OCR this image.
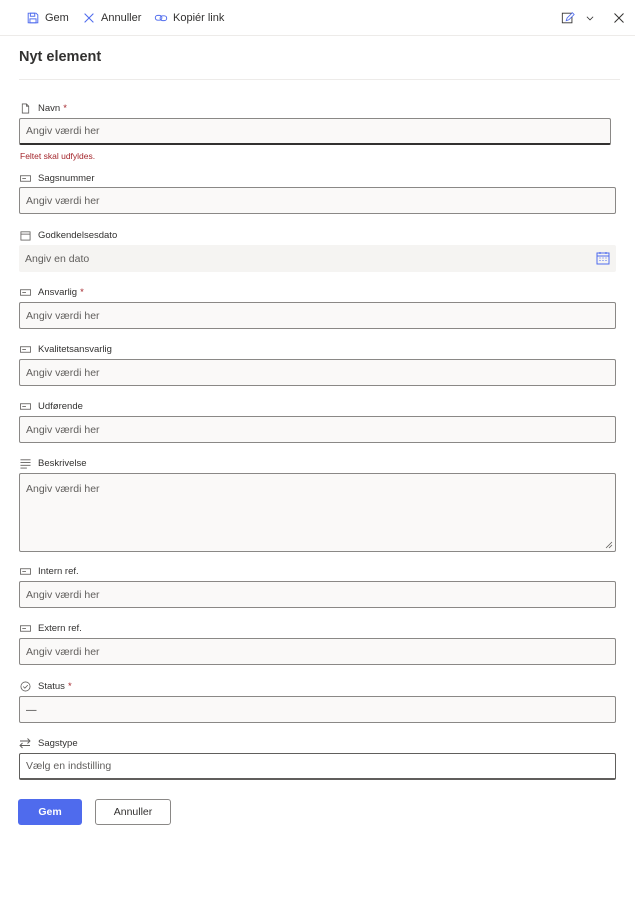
Gem	Annuller	Kopiér link
Nyt element
Navn *
Angiv værdi her
Feltet skal udfyldes.
Sagsnummer
Angiv værdi her
Godkendelsesdato
Angiv en dato
Ansvarlig *
Angiv værdi her
Kvalitetsansvarlig
Angiv værdi her
Udførende
Angiv værdi her
Beskrivelse
Angiv værdi her
Intern ref.
Angiv værdi her
Extern ref.
Angiv værdi her
Status *
—
Sagstype
Vælg en indstilling
Gem	Annuller
